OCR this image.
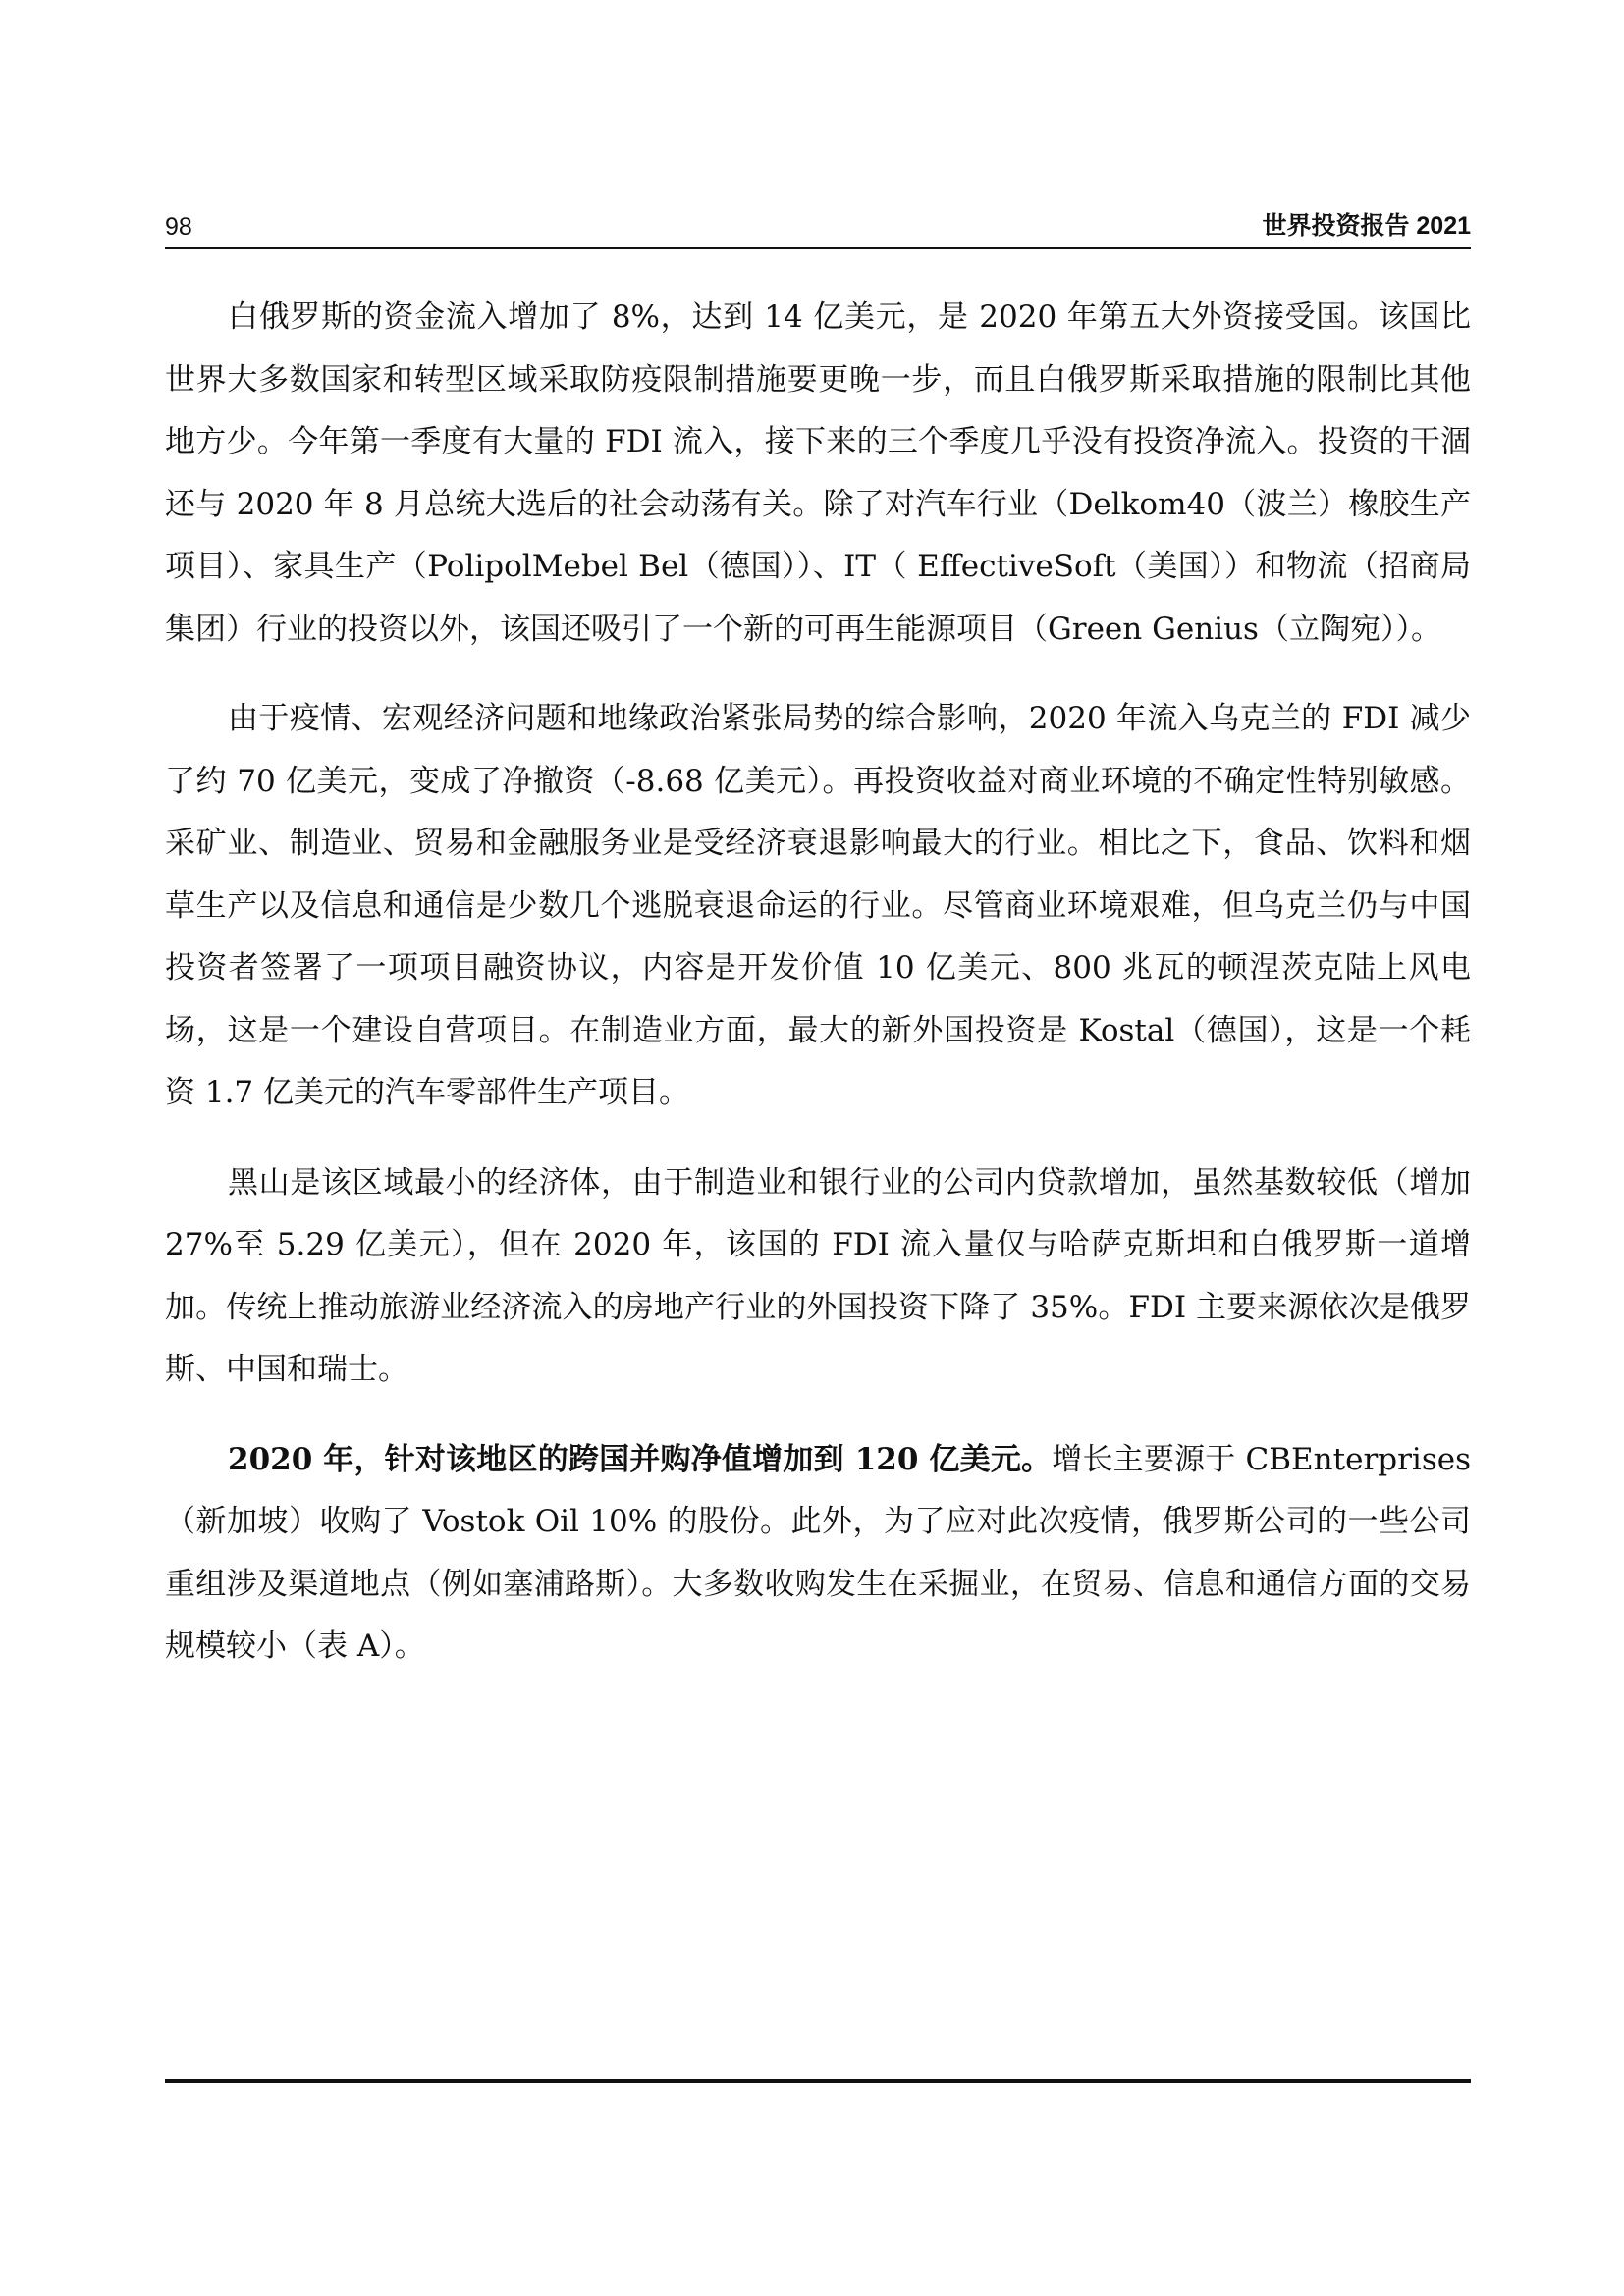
98	世界投资报告 2021

白俄罗斯的资金流入增加了 8%，达到 14 亿美元，是 2020 年第五大外资接受国。该国比世界大多数国家和转型区域采取防疫限制措施要更晚一步，而且白俄罗斯采取措施的限制比其他地方少。今年第一季度有大量的 FDI 流入，接下来的三个季度几乎没有投资净流入。投资的干涸还与 2020 年 8 月总统大选后的社会动荡有关。除了对汽车行业（Delkom40（波兰）橡胶生产项目）、家具生产（PolipolMebel Bel（德国））、IT（ EffectiveSoft（美国））和物流（招商局集团）行业的投资以外，该国还吸引了一个新的可再生能源项目（Green Genius（立陶宛））。

由于疫情、宏观经济问题和地缘政治紧张局势的综合影响，2020 年流入乌克兰的 FDI 减少了约 70 亿美元，变成了净撤资（-8.68 亿美元）。再投资收益对商业环境的不确定性特别敏感。采矿业、制造业、贸易和金融服务业是受经济衰退影响最大的行业。相比之下，食品、饮料和烟草生产以及信息和通信是少数几个逃脱衰退命运的行业。尽管商业环境艰难，但乌克兰仍与中国投资者签署了一项项目融资协议，内容是开发价值 10 亿美元、800 兆瓦的顿涅茨克陆上风电场，这是一个建设自营项目。在制造业方面，最大的新外国投资是 Kostal（德国），这是一个耗资 1.7 亿美元的汽车零部件生产项目。

黑山是该区域最小的经济体，由于制造业和银行业的公司内贷款增加，虽然基数较低（增加 27%至 5.29 亿美元），但在 2020 年，该国的 FDI 流入量仅与哈萨克斯坦和白俄罗斯一道增加。传统上推动旅游业经济流入的房地产行业的外国投资下降了 35%。FDI 主要来源依次是俄罗斯、中国和瑞士。

2020 年，针对该地区的跨国并购净值增加到 120 亿美元。增长主要源于 CBEnterprises（新加坡）收购了 Vostok Oil 10% 的股份。此外，为了应对此次疫情，俄罗斯公司的一些公司重组涉及渠道地点（例如塞浦路斯）。大多数收购发生在采掘业，在贸易、信息和通信方面的交易规模较小（表 A）。
